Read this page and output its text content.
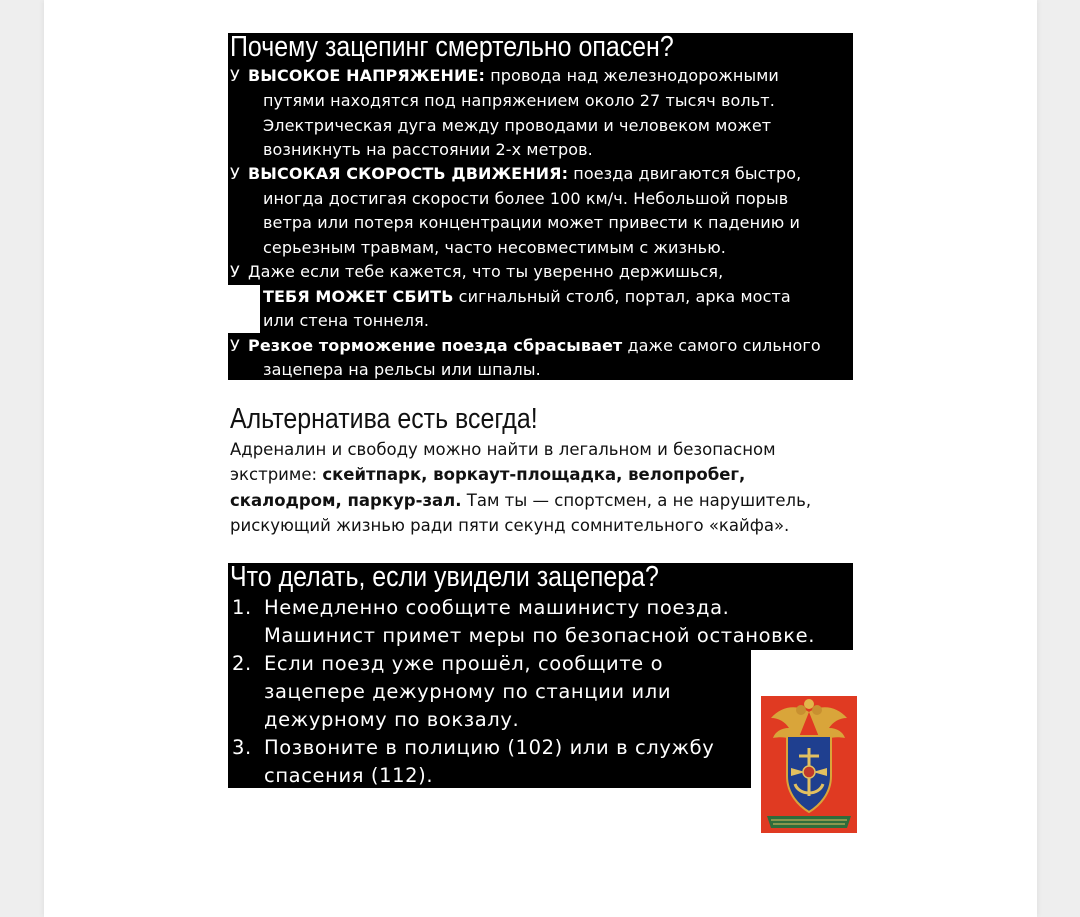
Почему зацепинг смертельно опасен?
У ВЫСОКОЕ НАПРЯЖЕНИЕ: провода над железнодорожными
путями находятся под напряжением около 27 тысяч вольт.
Электрическая дуга между проводами и человеком может
возникнуть на расстоянии 2-х метров.
У ВЫСОКАЯ СКОРОСТЬ ДВИЖЕНИЯ: поезда двигаются быстро,
иногда достигая скорости более 100 км/ч. Небольшой порыв
ветра или потеря концентрации может привести к падению и
серьезным травмам, часто несовместимым с жизнью.
У Даже если тебе кажется, что ты уверенно держишься,
ТЕБЯ МОЖЕТ СБИТЬ сигнальный столб, портал, арка моста
или стена тоннеля.
У Резкое торможение поезда сбрасывает даже самого сильного
зацепера на рельсы или шпалы.
Альтернатива есть всегда!
Адреналин и свободу можно найти в легальном и безопасном
экстриме: скейтпарк, воркаут-площадка, велопробег,
скалодром, паркур-зал. Там ты — спортсмен, а не нарушитель,
рискующий жизнью ради пяти секунд сомнительного «кайфа».
Что делать, если увидели зацепера?
1. Немедленно сообщите машинисту поезда.
Машинист примет меры по безопасной остановке.
2. Если поезд уже прошёл, сообщите о
зацепере дежурному по станции или
дежурному по вокзалу.
3. Позвоните в полицию (102) или в службу
спасения (112).
